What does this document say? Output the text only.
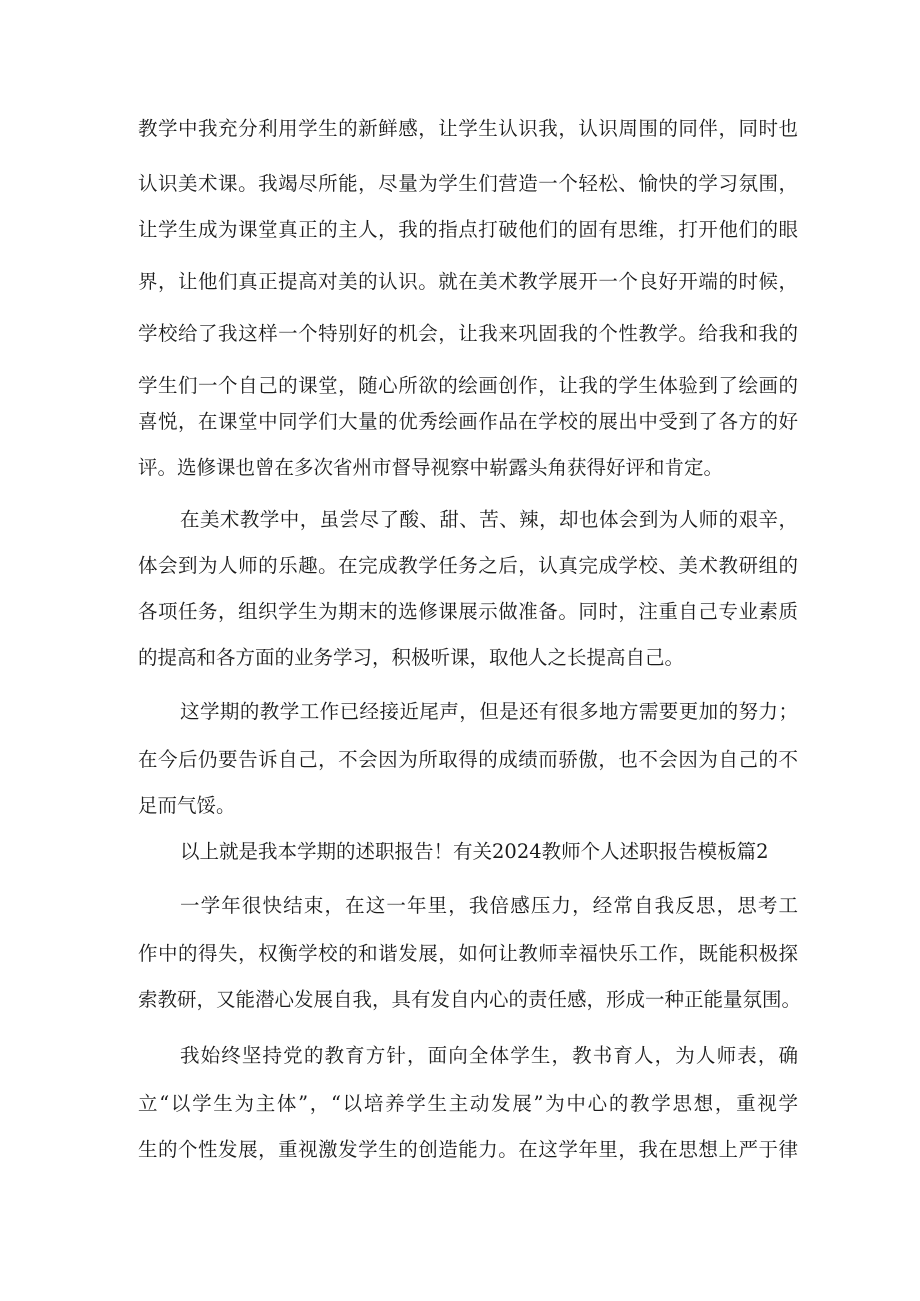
教学中我充分利用学生的新鲜感，让学生认识我，认识周围的同伴，同时也
认识美术课。我竭尽所能，尽量为学生们营造一个轻松、愉快的学习氛围，
让学生成为课堂真正的主人，我的指点打破他们的固有思维，打开他们的眼
界，让他们真正提高对美的认识。就在美术教学展开一个良好开端的时候，
学校给了我这样一个特别好的机会，让我来巩固我的个性教学。给我和我的
学生们一个自己的课堂，随心所欲的绘画创作，让我的学生体验到了绘画的
喜悦，在课堂中同学们大量的优秀绘画作品在学校的展出中受到了各方的好
评。选修课也曾在多次省州市督导视察中崭露头角获得好评和肯定。
在美术教学中，虽尝尽了酸、甜、苦、辣，却也体会到为人师的艰辛，
体会到为人师的乐趣。在完成教学任务之后，认真完成学校、美术教研组的
各项任务，组织学生为期末的选修课展示做准备。同时，注重自己专业素质
的提高和各方面的业务学习，积极听课，取他人之长提高自己。
这学期的教学工作已经接近尾声，但是还有很多地方需要更加的努力；
在今后仍要告诉自己，不会因为所取得的成绩而骄傲，也不会因为自己的不
足而气馁。
以上就是我本学期的述职报告！有关2024教师个人述职报告模板篇2
一学年很快结束，在这一年里，我倍感压力，经常自我反思，思考工
作中的得失，权衡学校的和谐发展，如何让教师幸福快乐工作，既能积极探
索教研，又能潜心发展自我，具有发自内心的责任感，形成一种正能量氛围。
我始终坚持党的教育方针，面向全体学生，教书育人，为人师表，确
立“以学生为主体”，“以培养学生主动发展”为中心的教学思想，重视学
生的个性发展，重视激发学生的创造能力。在这学年里，我在思想上严于律
